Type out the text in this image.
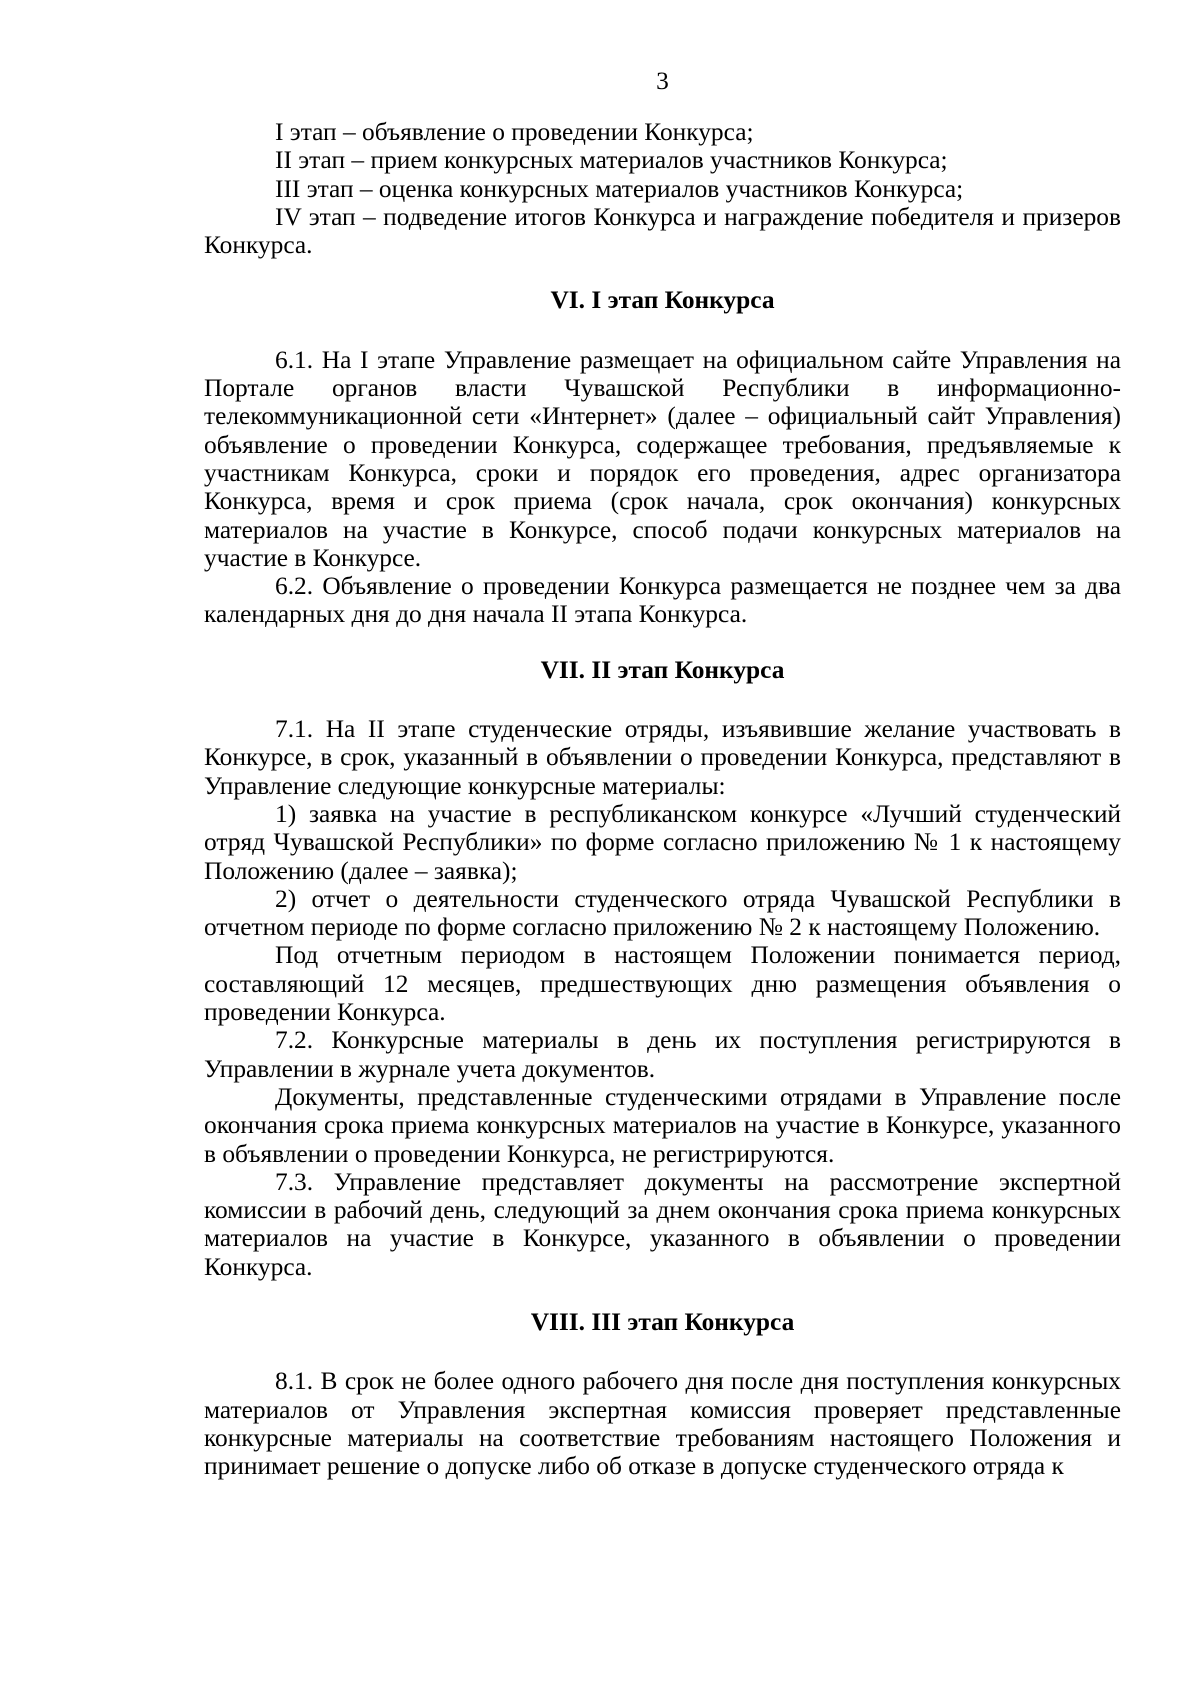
3

I этап – объявление о проведении Конкурса;

II этап – прием конкурсных материалов участников Конкурса;

III этап – оценка конкурсных материалов участников Конкурса;

IV этап – подведение итогов Конкурса и награждение победителя и призеров Конкурса.

VI. I этап Конкурса

6.1. На I этапе Управление размещает на официальном сайте Управления на Портале органов власти Чувашской Республики в информационно-телекоммуникационной сети «Интернет» (далее – официальный сайт Управления) объявление о проведении Конкурса, содержащее требования, предъявляемые к участникам Конкурса, сроки и порядок его проведения, адрес организатора Конкурса, время и срок приема (срок начала, срок окончания) конкурсных материалов на участие в Конкурсе, способ подачи конкурсных материалов на участие в Конкурсе.

6.2. Объявление о проведении Конкурса размещается не позднее чем за два календарных дня до дня начала II этапа Конкурса.

VII. II этап Конкурса

7.1. На II этапе студенческие отряды, изъявившие желание участвовать в Конкурсе, в срок, указанный в объявлении о проведении Конкурса, представляют в Управление следующие конкурсные материалы:

1) заявка на участие в республиканском конкурсе «Лучший студенческий отряд Чувашской Республики» по форме согласно приложению № 1 к настоящему Положению (далее – заявка);

2) отчет о деятельности студенческого отряда Чувашской Республики в отчетном периоде по форме согласно приложению № 2 к настоящему Положению.

Под отчетным периодом в настоящем Положении понимается период, составляющий 12 месяцев, предшествующих дню размещения объявления о проведении Конкурса.

7.2. Конкурсные материалы в день их поступления регистрируются в Управлении в журнале учета документов.

Документы, представленные студенческими отрядами в Управление после окончания срока приема конкурсных материалов на участие в Конкурсе, указанного в объявлении о проведении Конкурса, не регистрируются.

7.3. Управление представляет документы на рассмотрение экспертной комиссии в рабочий день, следующий за днем окончания срока приема конкурсных материалов на участие в Конкурсе, указанного в объявлении о проведении Конкурса.

VIII. III этап Конкурса

8.1. В срок не более одного рабочего дня после дня поступления конкурсных материалов от Управления экспертная комиссия проверяет представленные конкурсные материалы на соответствие требованиям настоящего Положения и принимает решение о допуске либо об отказе в допуске студенческого отряда к
